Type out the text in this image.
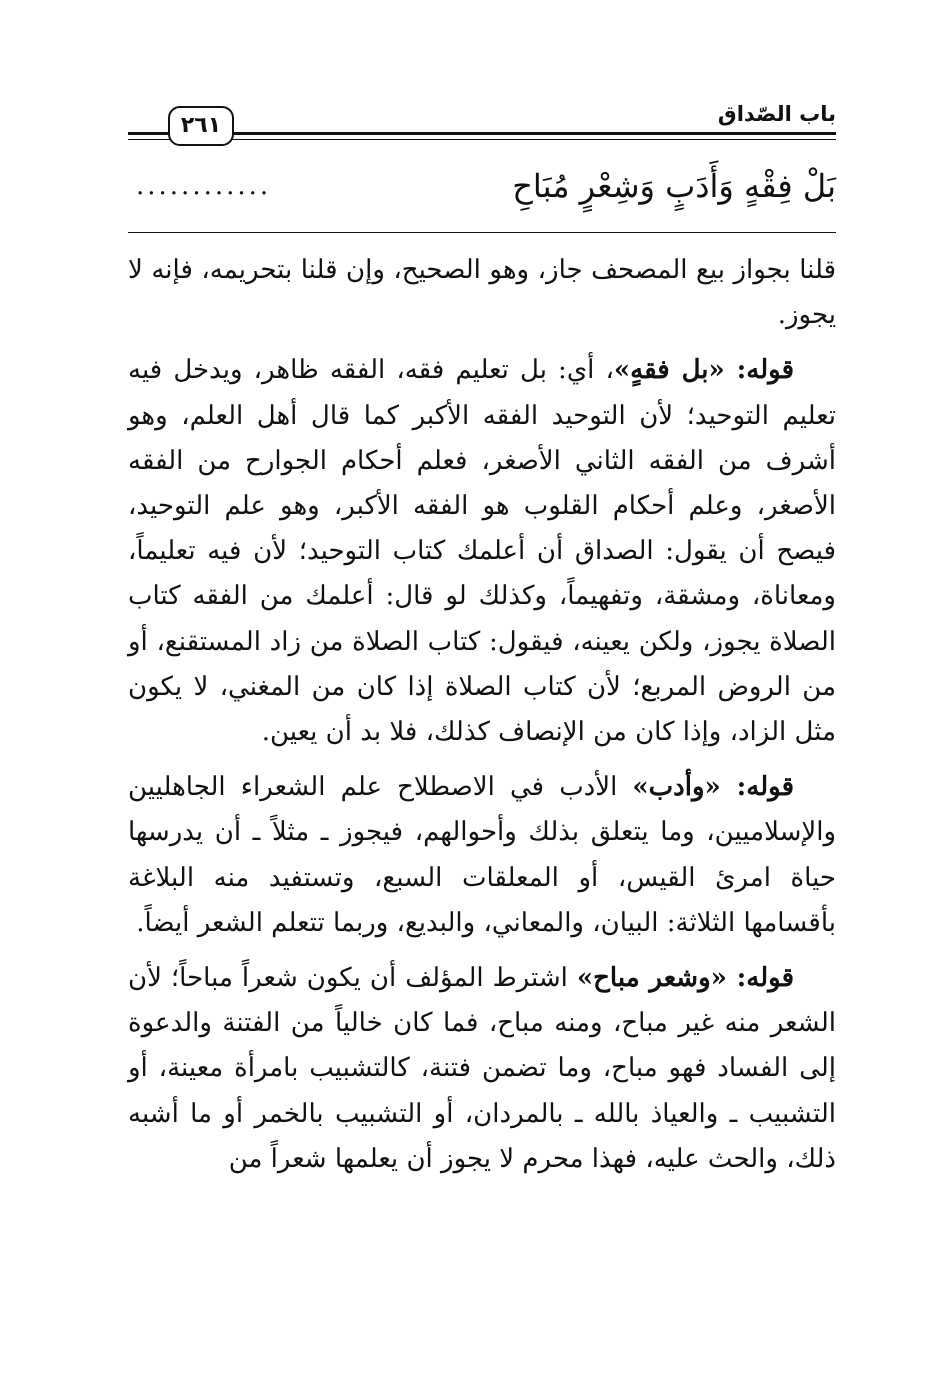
باب الصّداق
٢٦١
بَلْ فِقْهٍ وَأَدَبٍ وَشِعْرٍ مُبَاحِ
............

قلنا بجواز بيع المصحف جاز، وهو الصحيح، وإن قلنا بتحريمه، فإنه لا يجوز.

قوله: «بل فقهٍ»، أي: بل تعليم فقه، الفقه ظاهر، ويدخل فيه تعليم التوحيد؛ لأن التوحيد الفقه الأكبر كما قال أهل العلم، وهو أشرف من الفقه الثاني الأصغر، فعلم أحكام الجوارح من الفقه الأصغر، وعلم أحكام القلوب هو الفقه الأكبر، وهو علم التوحيد، فيصح أن يقول: الصداق أن أعلمك كتاب التوحيد؛ لأن فيه تعليماً، ومعاناة، ومشقة، وتفهيماً، وكذلك لو قال: أعلمك من الفقه كتاب الصلاة يجوز، ولكن يعينه، فيقول: كتاب الصلاة من زاد المستقنع، أو من الروض المربع؛ لأن كتاب الصلاة إذا كان من المغني، لا يكون مثل الزاد، وإذا كان من الإنصاف كذلك، فلا بد أن يعين.

قوله: «وأدب» الأدب في الاصطلاح علم الشعراء الجاهليين والإسلاميين، وما يتعلق بذلك وأحوالهم، فيجوز ـ مثلاً ـ أن يدرسها حياة امرئ القيس، أو المعلقات السبع، وتستفيد منه البلاغة بأقسامها الثلاثة: البيان، والمعاني، والبديع، وربما تتعلم الشعر أيضاً.

قوله: «وشعر مباح» اشترط المؤلف أن يكون شعراً مباحاً؛ لأن الشعر منه غير مباح، ومنه مباح، فما كان خالياً من الفتنة والدعوة إلى الفساد فهو مباح، وما تضمن فتنة، كالتشبيب بامرأة معينة، أو التشبيب ـ والعياذ بالله ـ بالمردان، أو التشبيب بالخمر أو ما أشبه ذلك، والحث عليه، فهذا محرم لا يجوز أن يعلمها شعراً من
